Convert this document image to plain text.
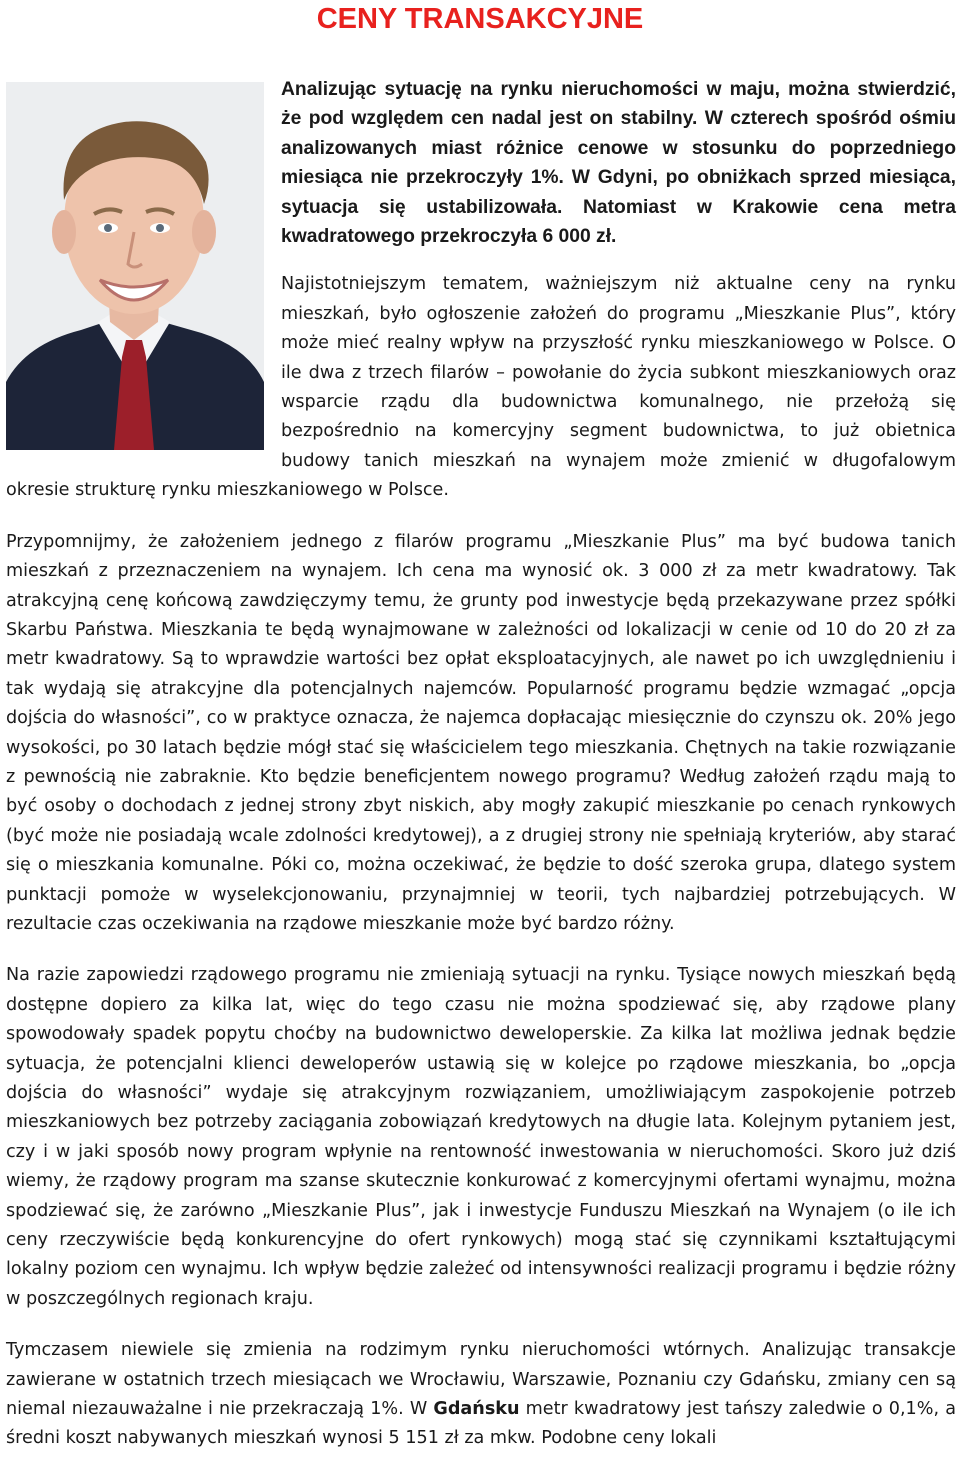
CENY TRANSAKCYJNE

Analizując sytuację na rynku nieruchomości w maju, można stwierdzić, że pod względem cen nadal jest on stabilny. W czterech spośród ośmiu analizowanych miast różnice cenowe w stosunku do poprzedniego miesiąca nie przekroczyły 1%. W Gdyni, po obniżkach sprzed miesiąca, sytuacja się ustabilizowała. Natomiast w Krakowie cena metra kwadratowego przekroczyła 6 000 zł.

Najistotniejszym tematem, ważniejszym niż aktualne ceny na rynku mieszkań, było ogłoszenie założeń do programu „Mieszkanie Plus”, który może mieć realny wpływ na przyszłość rynku mieszkaniowego w Polsce. O ile dwa z trzech filarów – powołanie do życia subkont mieszkaniowych oraz wsparcie rządu dla budownictwa komunalnego, nie przełożą się bezpośrednio na komercyjny segment budownictwa, to już obietnica budowy tanich mieszkań na wynajem może zmienić w długofalowym okresie strukturę rynku mieszkaniowego w Polsce.

Przypomnijmy, że założeniem jednego z filarów programu „Mieszkanie Plus” ma być budowa tanich mieszkań z przeznaczeniem na wynajem. Ich cena ma wynosić ok. 3 000 zł za metr kwadratowy. Tak atrakcyjną cenę końcową zawdzięczymy temu, że grunty pod inwestycje będą przekazywane przez spółki Skarbu Państwa. Mieszkania te będą wynajmowane w zależności od lokalizacji w cenie od 10 do 20 zł za metr kwadratowy. Są to wprawdzie wartości bez opłat eksploatacyjnych, ale nawet po ich uwzględnieniu i tak wydają się atrakcyjne dla potencjalnych najemców. Popularność programu będzie wzmagać „opcja dojścia do własności”, co w praktyce oznacza, że najemca dopłacając miesięcznie do czynszu ok. 20% jego wysokości, po 30 latach będzie mógł stać się właścicielem tego mieszkania. Chętnych na takie rozwiązanie z pewnością nie zabraknie. Kto będzie beneficjentem nowego programu? Według założeń rządu mają to być osoby o dochodach z jednej strony zbyt niskich, aby mogły zakupić mieszkanie po cenach rynkowych (być może nie posiadają wcale zdolności kredytowej), a z drugiej strony nie spełniają kryteriów, aby starać się o mieszkania komunalne. Póki co, można oczekiwać, że będzie to dość szeroka grupa, dlatego system punktacji pomoże w wyselekcjonowaniu, przynajmniej w teorii, tych najbardziej potrzebujących. W rezultacie czas oczekiwania na rządowe mieszkanie może być bardzo różny.

Na razie zapowiedzi rządowego programu nie zmieniają sytuacji na rynku. Tysiące nowych mieszkań będą dostępne dopiero za kilka lat, więc do tego czasu nie można spodziewać się, aby rządowe plany spowodowały spadek popytu choćby na budownictwo deweloperskie. Za kilka lat możliwa jednak będzie sytuacja, że potencjalni klienci deweloperów ustawią się w kolejce po rządowe mieszkania, bo „opcja dojścia do własności” wydaje się atrakcyjnym rozwiązaniem, umożliwiającym zaspokojenie potrzeb mieszkaniowych bez potrzeby zaciągania zobowiązań kredytowych na długie lata. Kolejnym pytaniem jest, czy i w jaki sposób nowy program wpłynie na rentowność inwestowania w nieruchomości. Skoro już dziś wiemy, że rządowy program ma szanse skutecznie konkurować z komercyjnymi ofertami wynajmu, można spodziewać się, że zarówno „Mieszkanie Plus”, jak i inwestycje Funduszu Mieszkań na Wynajem (o ile ich ceny rzeczywiście będą konkurencyjne do ofert rynkowych) mogą stać się czynnikami kształtującymi lokalny poziom cen wynajmu. Ich wpływ będzie zależeć od intensywności realizacji programu i będzie różny w poszczególnych regionach kraju.

Tymczasem niewiele się zmienia na rodzimym rynku nieruchomości wtórnych. Analizując transakcje zawierane w ostatnich trzech miesiącach we Wrocławiu, Warszawie, Poznaniu czy Gdańsku, zmiany cen są niemal niezauważalne i nie przekraczają 1%. W Gdańsku metr kwadratowy jest tańszy zaledwie o 0,1%, a średni koszt nabywanych mieszkań wynosi 5 151 zł za mkw. Podobne ceny lokali
